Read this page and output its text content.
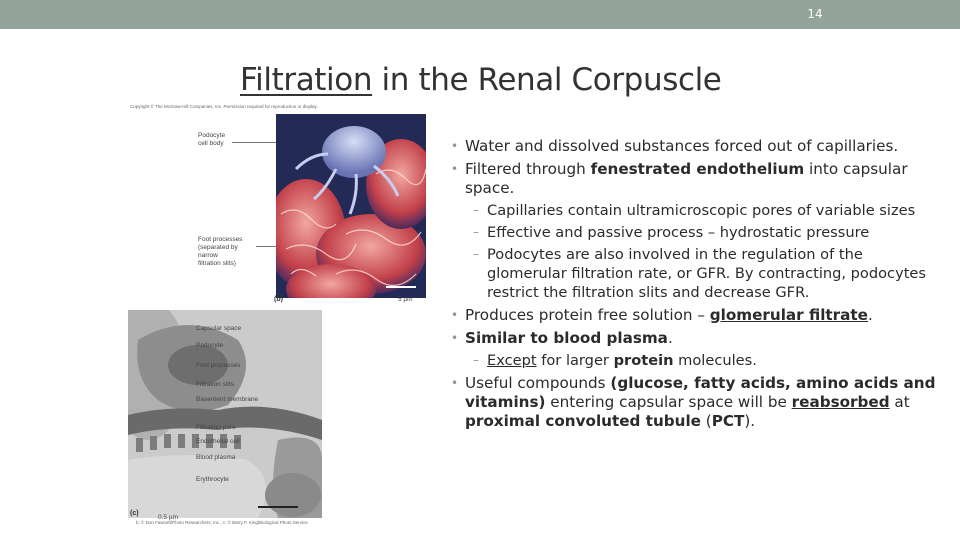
14
Filtration in the Renal Corpuscle
Copyright © The McGraw-Hill Companies, Inc. Permission required for reproduction or display.
Podocyte
cell body
Foot processes
(separated by
narrow
filtration slits)
(b)	5 µm
Capsular space
Podocyte
Foot processes
Filtration slits
Basement membrane
Filtration pore
Endothelial cell
Blood plasma
Erythrocyte
(c)
0.5 µm
b: © Don Fawcett/Photo Researchers, Inc.; c: © Barry F. King/Biological Photo Service
• Water and dissolved substances forced out of capillaries.
• Filtered through fenestrated endothelium into capsular space.
– Capillaries contain ultramicroscopic pores of variable sizes
– Effective and passive process – hydrostatic pressure
– Podocytes are also involved in the regulation of the glomerular filtration rate, or GFR. By contracting, podocytes restrict the filtration slits and decrease GFR.
• Produces protein free solution – glomerular filtrate.
• Similar to blood plasma.
– Except for larger protein molecules.
• Useful compounds (glucose, fatty acids, amino acids and vitamins) entering capsular space will be reabsorbed at proximal convoluted tubule (PCT).
